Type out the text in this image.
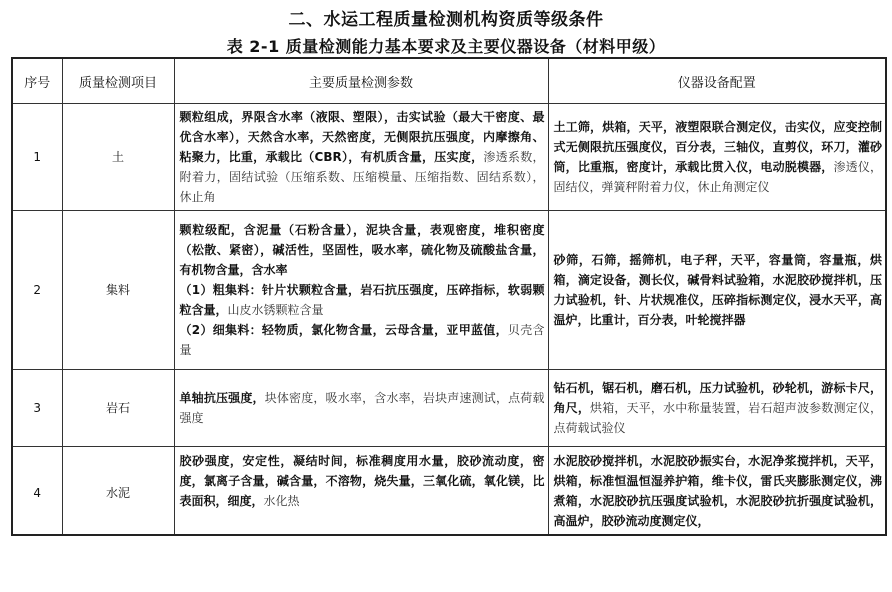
二、水运工程质量检测机构资质等级条件
表 2-1 质量检测能力基本要求及主要仪器设备（材料甲级）
序号	质量检测项目	主要质量检测参数	仪器设备配置
1	土	颗粒组成，界限含水率（液限、塑限），击实试验（最大干密度、最优含水率），天然含水率，天然密度，无侧限抗压强度，内摩擦角、粘聚力，比重，承载比（CBR），有机质含量，压实度，渗透系数，附着力，固结试验（压缩系数、压缩模量、压缩指数、固结系数），休止角	土工筛，烘箱，天平，液塑限联合测定仪，击实仪，应变控制式无侧限抗压强度仪，百分表，三轴仪，直剪仪，环刀，灌砂筒，比重瓶，密度计，承载比贯入仪，电动脱模器，渗透仪，固结仪，弹簧秤附着力仪，休止角测定仪
2	集料	颗粒级配，含泥量（石粉含量），泥块含量，表观密度，堆积密度（松散、紧密），碱活性，坚固性，吸水率，硫化物及硫酸盐含量，有机物含量，含水率
（1）粗集料：针片状颗粒含量，岩石抗压强度，压碎指标，软弱颗粒含量，山皮水锈颗粒含量
（2）细集料：轻物质，氯化物含量，云母含量，亚甲蓝值，贝壳含量	砂筛，石筛，摇筛机，电子秤，天平，容量筒，容量瓶，烘箱，滴定设备，测长仪，碱骨料试验箱，水泥胶砂搅拌机，压力试验机，针、片状规准仪，压碎指标测定仪，浸水天平，高温炉，比重计，百分表，叶轮搅拌器
3	岩石	单轴抗压强度，块体密度，吸水率，含水率，岩块声速测试，点荷载强度	钻石机，锯石机，磨石机，压力试验机，砂轮机，游标卡尺，角尺，烘箱，天平，水中称量装置，岩石超声波参数测定仪，点荷载试验仪
4	水泥	胶砂强度，安定性，凝结时间，标准稠度用水量，胶砂流动度，密度，氯离子含量，碱含量，不溶物，烧失量，三氧化硫，氧化镁，比表面积，细度，水化热	水泥胶砂搅拌机，水泥胶砂振实台，水泥净浆搅拌机，天平，烘箱，标准恒温恒湿养护箱，维卡仪，雷氏夹膨胀测定仪，沸煮箱，水泥胶砂抗压强度试验机，水泥胶砂抗折强度试验机，高温炉，胶砂流动度测定仪，
